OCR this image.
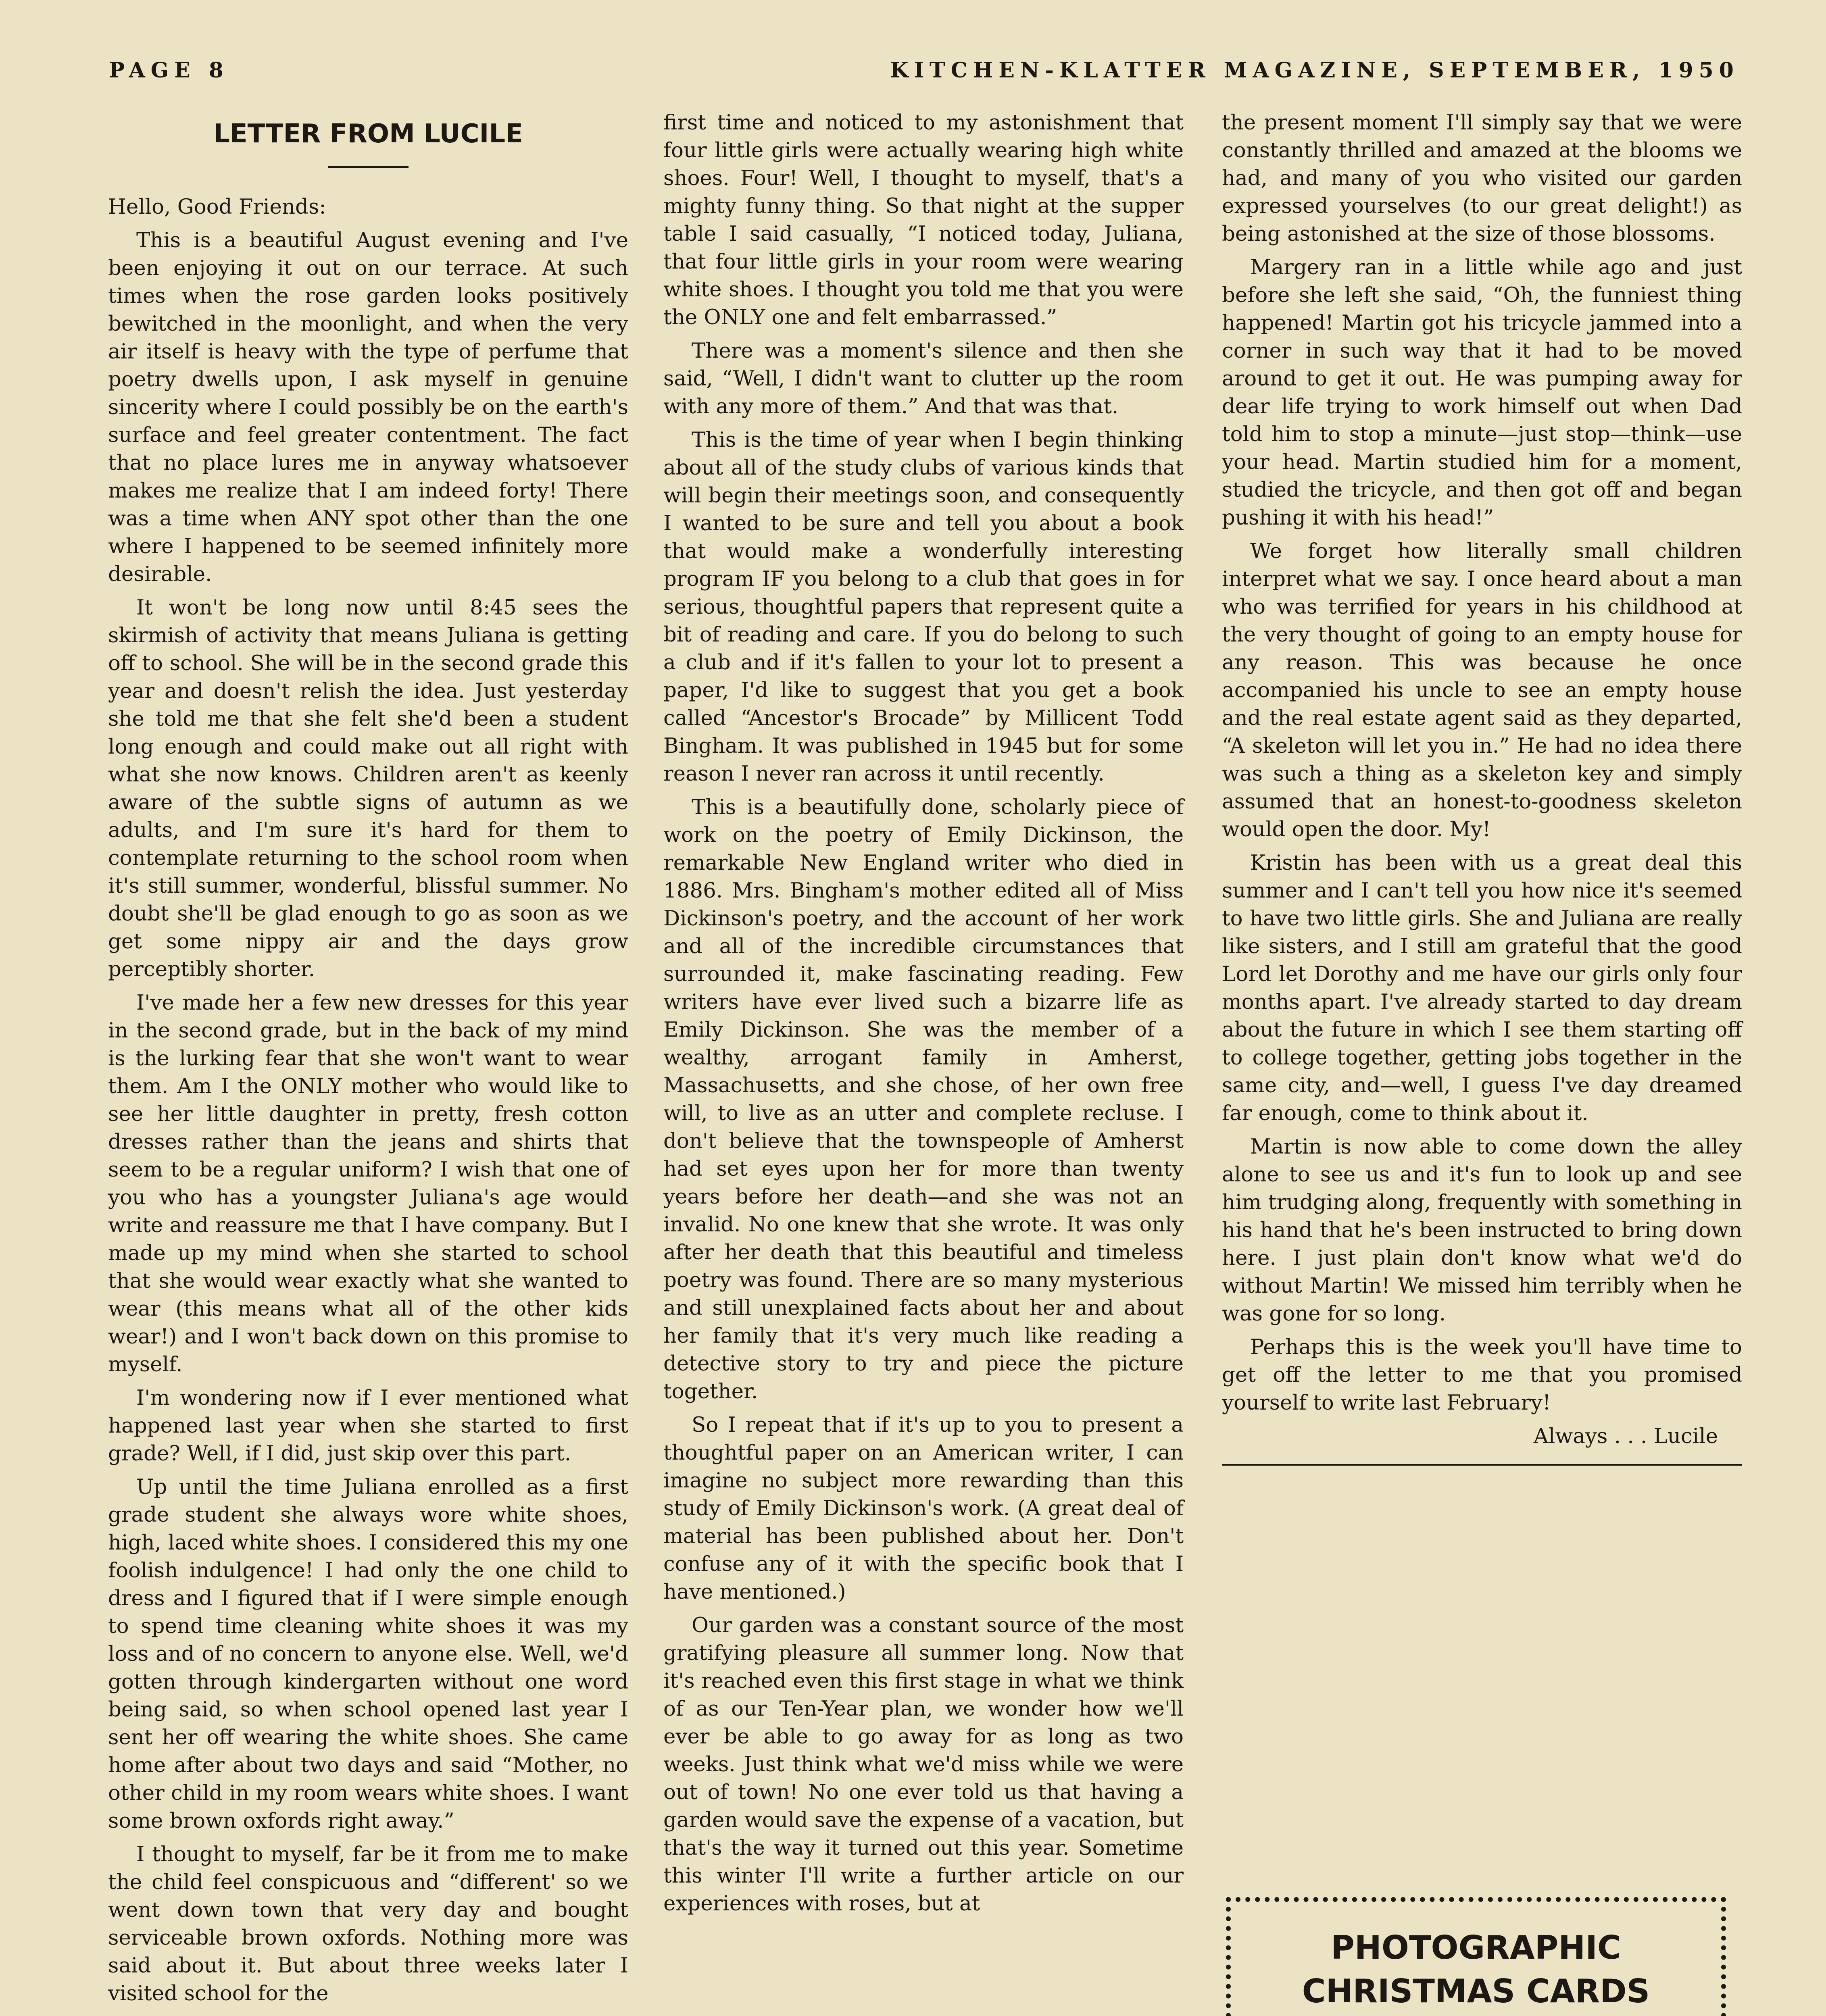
PAGE 8	KITCHEN-KLATTER MAGAZINE, SEPTEMBER, 1950
LETTER FROM LUCILE

Hello, Good Friends:

This is a beautiful August evening and I've been enjoying it out on our terrace. At such times when the rose garden looks positively bewitched in the moonlight, and when the very air itself is heavy with the type of perfume that poetry dwells upon, I ask myself in genuine sincerity where I could possibly be on the earth's surface and feel greater contentment. The fact that no place lures me in anyway whatsoever makes me realize that I am indeed forty! There was a time when ANY spot other than the one where I happened to be seemed infinitely more desirable.

It won't be long now until 8:45 sees the skirmish of activity that means Juliana is getting off to school. She will be in the second grade this year and doesn't relish the idea. Just yesterday she told me that she felt she'd been a student long enough and could make out all right with what she now knows. Children aren't as keenly aware of the subtle signs of autumn as we adults, and I'm sure it's hard for them to contemplate returning to the school room when it's still summer, wonderful, blissful summer. No doubt she'll be glad enough to go as soon as we get some nippy air and the days grow perceptibly shorter.

I've made her a few new dresses for this year in the second grade, but in the back of my mind is the lurking fear that she won't want to wear them. Am I the ONLY mother who would like to see her little daughter in pretty, fresh cotton dresses rather than the jeans and shirts that seem to be a regular uniform? I wish that one of you who has a youngster Juliana's age would write and reassure me that I have company. But I made up my mind when she started to school that she would wear exactly what she wanted to wear (this means what all of the other kids wear!) and I won't back down on this promise to myself.

I'm wondering now if I ever mentioned what happened last year when she started to first grade? Well, if I did, just skip over this part.

Up until the time Juliana enrolled as a first grade student she always wore white shoes, high, laced white shoes. I considered this my one foolish indulgence! I had only the one child to dress and I figured that if I were simple enough to spend time cleaning white shoes it was my loss and of no concern to anyone else. Well, we'd gotten through kindergarten without one word being said, so when school opened last year I sent her off wearing the white shoes. She came home after about two days and said “Mother, no other child in my room wears white shoes. I want some brown oxfords right away.”

I thought to myself, far be it from me to make the child feel conspicuous and “different' so we went down town that very day and bought serviceable brown oxfords. Nothing more was said about it. But about three weeks later I visited school for the

first time and noticed to my astonishment that four little girls were actually wearing high white shoes. Four! Well, I thought to myself, that's a mighty funny thing. So that night at the supper table I said casually, “I noticed today, Juliana, that four little girls in your room were wearing white shoes. I thought you told me that you were the ONLY one and felt embarrassed.”

There was a moment's silence and then she said, “Well, I didn't want to clutter up the room with any more of them.” And that was that.

This is the time of year when I begin thinking about all of the study clubs of various kinds that will begin their meetings soon, and consequently I wanted to be sure and tell you about a book that would make a wonderfully interesting program IF you belong to a club that goes in for serious, thoughtful papers that represent quite a bit of reading and care. If you do belong to such a club and if it's fallen to your lot to present a paper, I'd like to suggest that you get a book called “Ancestor's Brocade” by Millicent Todd Bingham. It was published in 1945 but for some reason I never ran across it until recently.

This is a beautifully done, scholarly piece of work on the poetry of Emily Dickinson, the remarkable New England writer who died in 1886. Mrs. Bingham's mother edited all of Miss Dickinson's poetry, and the account of her work and all of the incredible circumstances that surrounded it, make fascinating reading. Few writers have ever lived such a bizarre life as Emily Dickinson. She was the member of a wealthy, arrogant family in Amherst, Massachusetts, and she chose, of her own free will, to live as an utter and complete recluse. I don't believe that the townspeople of Amherst had set eyes upon her for more than twenty years before her death—and she was not an invalid. No one knew that she wrote. It was only after her death that this beautiful and timeless poetry was found. There are so many mysterious and still unexplained facts about her and about her family that it's very much like reading a detective story to try and piece the picture together.

So I repeat that if it's up to you to present a thoughtful paper on an American writer, I can imagine no subject more rewarding than this study of Emily Dickinson's work. (A great deal of material has been published about her. Don't confuse any of it with the specific book that I have mentioned.)

Our garden was a constant source of the most gratifying pleasure all summer long. Now that it's reached even this first stage in what we think of as our Ten-Year plan, we wonder how we'll ever be able to go away for as long as two weeks. Just think what we'd miss while we were out of town! No one ever told us that having a garden would save the expense of a vacation, but that's the way it turned out this year. Sometime this winter I'll write a further article on our experiences with roses, but at

the present moment I'll simply say that we were constantly thrilled and amazed at the blooms we had, and many of you who visited our garden expressed yourselves (to our great delight!) as being astonished at the size of those blossoms.

Margery ran in a little while ago and just before she left she said, “Oh, the funniest thing happened! Martin got his tricycle jammed into a corner in such way that it had to be moved around to get it out. He was pumping away for dear life trying to work himself out when Dad told him to stop a minute—just stop—think—use your head. Martin studied him for a moment, studied the tricycle, and then got off and began pushing it with his head!”

We forget how literally small children interpret what we say. I once heard about a man who was terrified for years in his childhood at the very thought of going to an empty house for any reason. This was because he once accompanied his uncle to see an empty house and the real estate agent said as they departed, “A skeleton will let you in.” He had no idea there was such a thing as a skeleton key and simply assumed that an honest-to-goodness skeleton would open the door. My!

Kristin has been with us a great deal this summer and I can't tell you how nice it's seemed to have two little girls. She and Juliana are really like sisters, and I still am grateful that the good Lord let Dorothy and me have our girls only four months apart. I've already started to day dream about the future in which I see them starting off to college together, getting jobs together in the same city, and—well, I guess I've day dreamed far enough, come to think about it.

Martin is now able to come down the alley alone to see us and it's fun to look up and see him trudging along, frequently with something in his hand that he's been instructed to bring down here. I just plain don't know what we'd do without Martin! We missed him terribly when he was gone for so long.

Perhaps this is the week you'll have time to get off the letter to me that you promised yourself to write last February!

Always . . . Lucile

PHOTOGRAPHIC
CHRISTMAS CARDS
